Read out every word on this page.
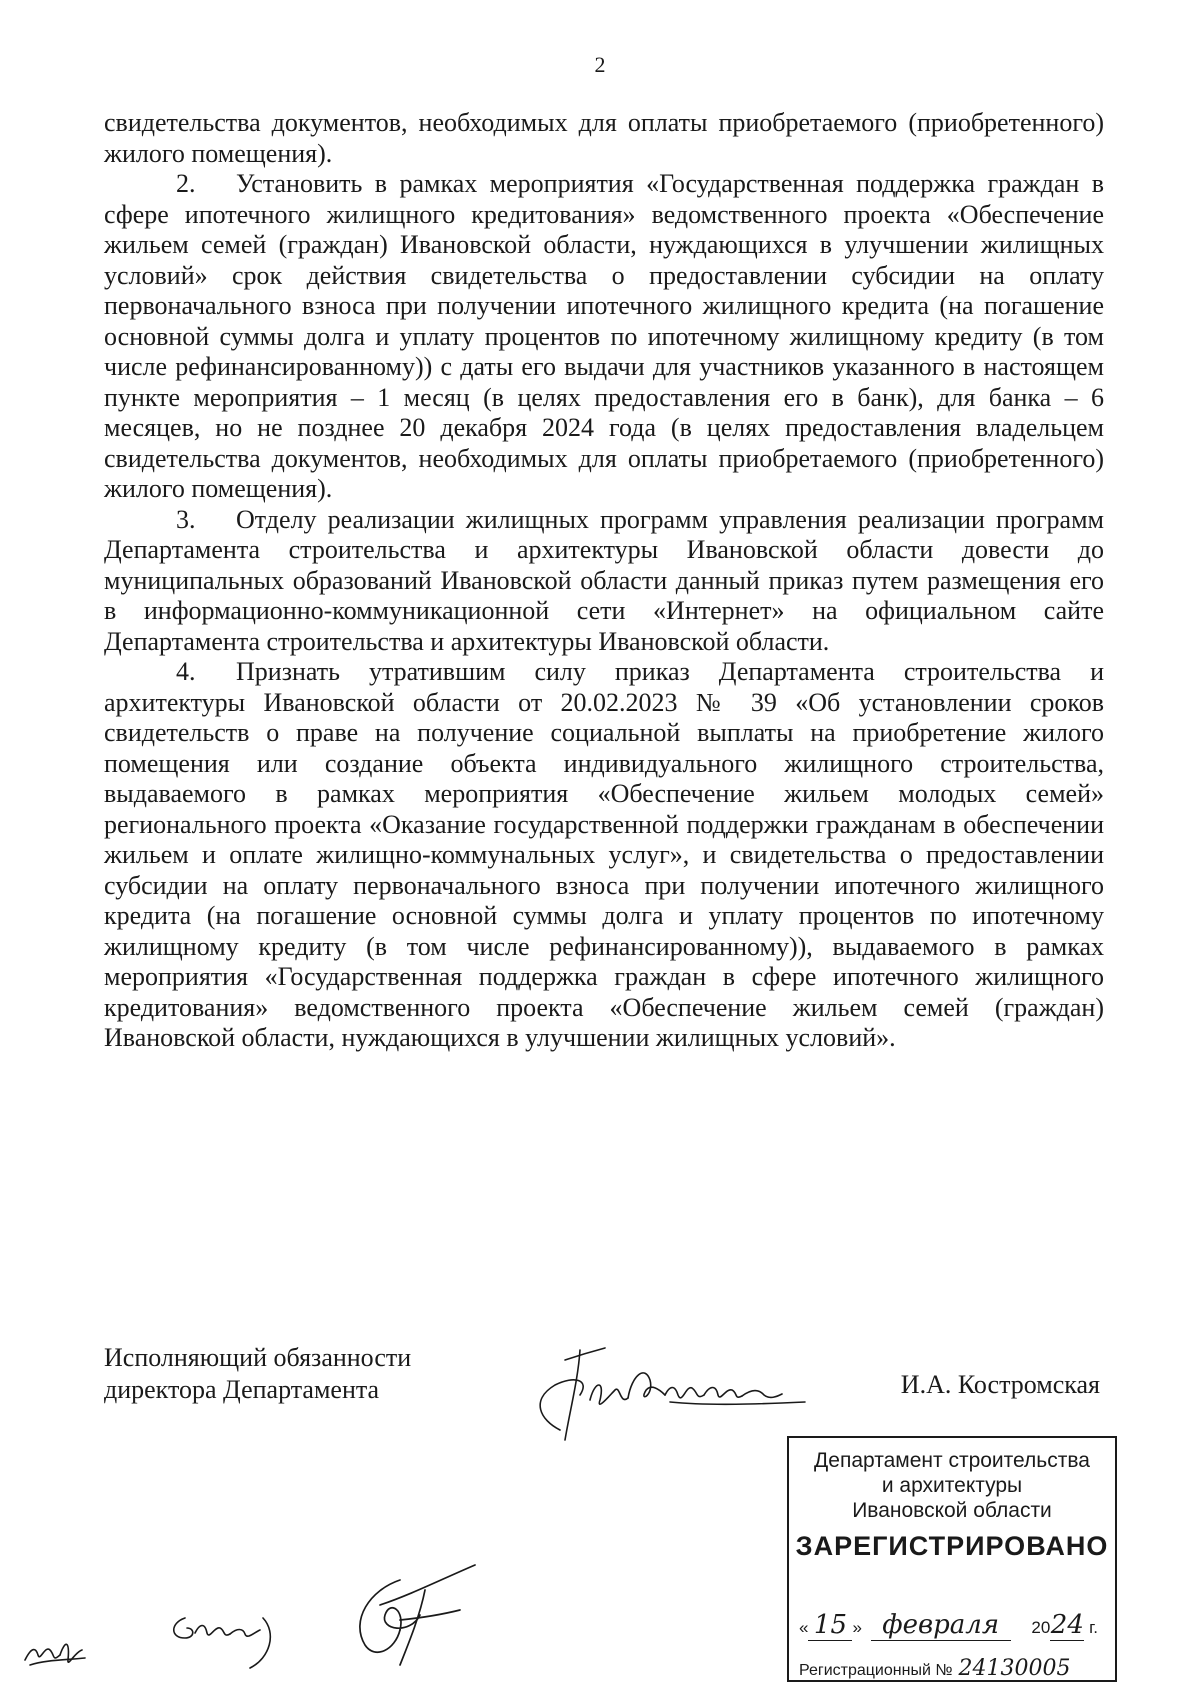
2

свидетельства документов, необходимых для оплаты приобретаемого (приобретенного) жилого помещения).

2. Установить в рамках мероприятия «Государственная поддержка граждан в сфере ипотечного жилищного кредитования» ведомственного проекта «Обеспечение жильем семей (граждан) Ивановской области, нуждающихся в улучшении жилищных условий» срок действия свидетельства о предоставлении субсидии на оплату первоначального взноса при получении ипотечного жилищного кредита (на погашение основной суммы долга и уплату процентов по ипотечному жилищному кредиту (в том числе рефинансированному)) с даты его выдачи для участников указанного в настоящем пункте мероприятия – 1 месяц (в целях предоставления его в банк), для банка – 6 месяцев, но не позднее 20 декабря 2024 года (в целях предоставления владельцем свидетельства документов, необходимых для оплаты приобретаемого (приобретенного) жилого помещения).

3. Отделу реализации жилищных программ управления реализации программ Департамента строительства и архитектуры Ивановской области довести до муниципальных образований Ивановской области данный приказ путем размещения его в информационно-коммуникационной сети «Интернет» на официальном сайте Департамента строительства и архитектуры Ивановской области.

4. Признать утратившим силу приказ Департамента строительства и архитектуры Ивановской области от 20.02.2023 № 39 «Об установлении сроков свидетельств о праве на получение социальной выплаты на приобретение жилого помещения или создание объекта индивидуального жилищного строительства, выдаваемого в рамках мероприятия «Обеспечение жильем молодых семей» регионального проекта «Оказание государственной поддержки гражданам в обеспечении жильем и оплате жилищно-коммунальных услуг», и свидетельства о предоставлении субсидии на оплату первоначального взноса при получении ипотечного жилищного кредита (на погашение основной суммы долга и уплату процентов по ипотечному жилищному кредиту (в том числе рефинансированному)), выдаваемого в рамках мероприятия «Государственная поддержка граждан в сфере ипотечного жилищного кредитования» ведомственного проекта «Обеспечение жильем семей (граждан) Ивановской области, нуждающихся в улучшении жилищных условий».

Исполняющий обязанности
директора Департамента	И.А. Костромская
Департамент строительства
и архитектуры
Ивановской области
ЗАРЕГИСТРИРОВАНО
« 15 » февраля 2024 г.
Регистрационный № 24130005
